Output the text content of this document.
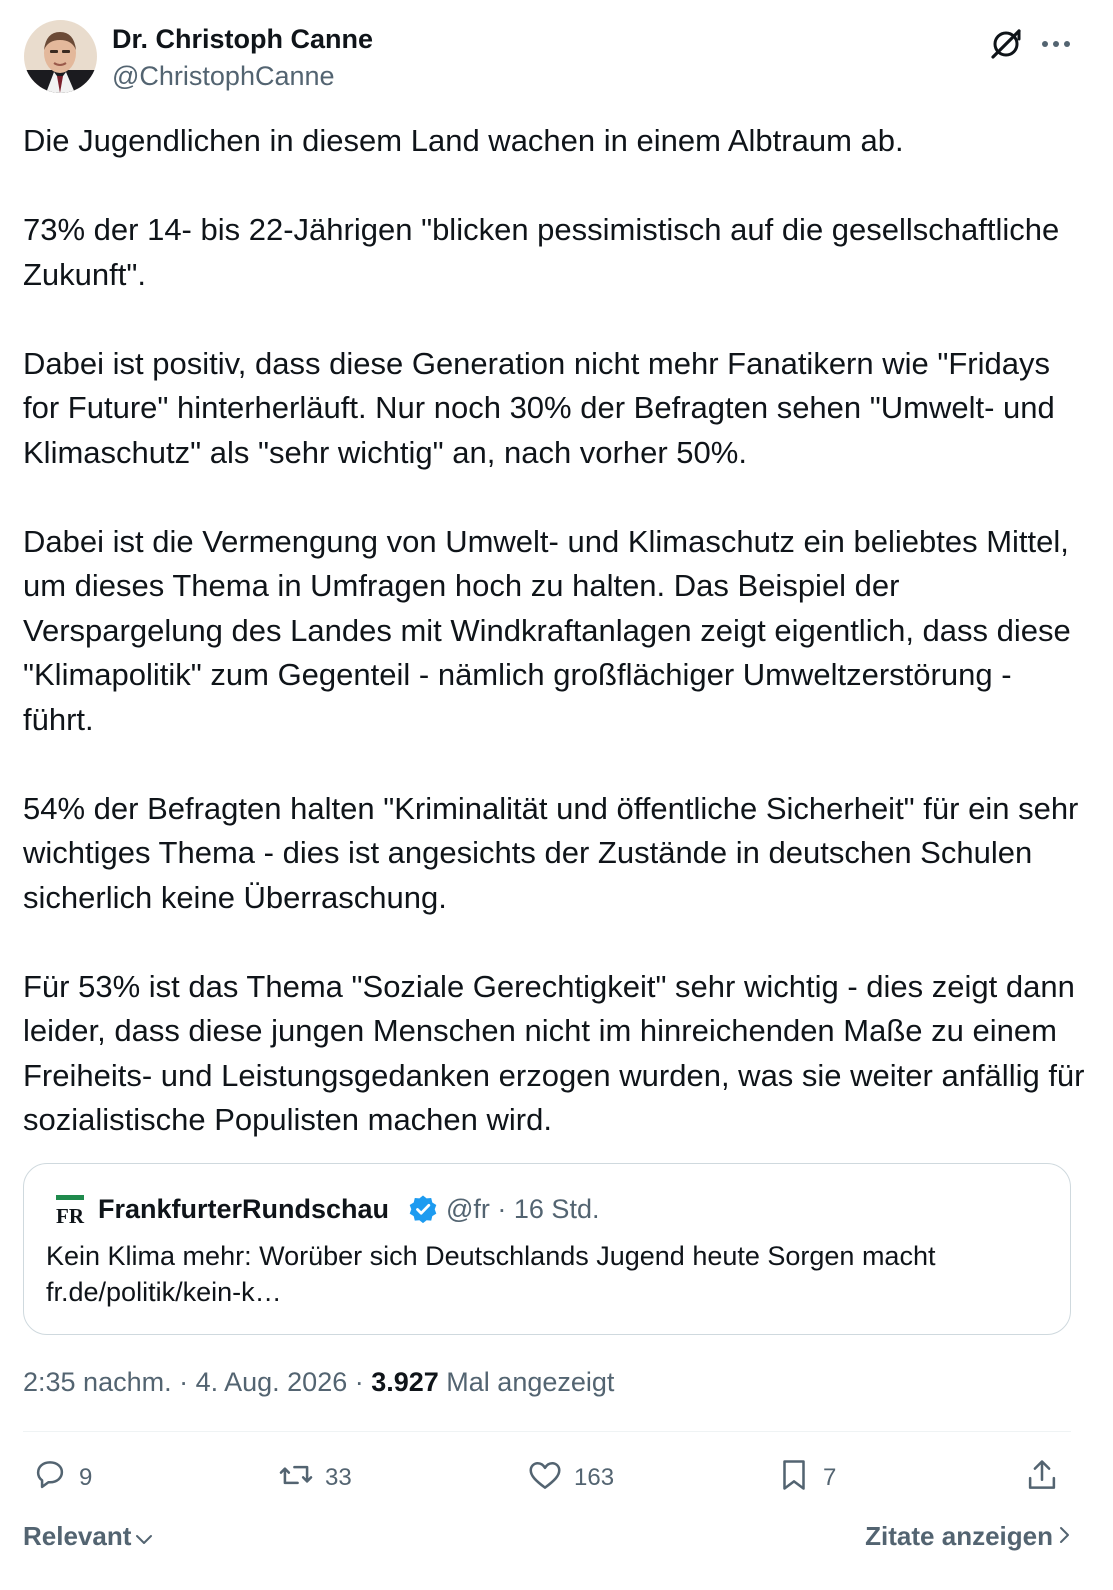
Dr. Christoph Canne
@ChristophCanne
Die Jugendlichen in diesem Land wachen in einem Albtraum ab.
73% der 14- bis 22-Jährigen "blicken pessimistisch auf die gesellschaftliche Zukunft".
Dabei ist positiv, dass diese Generation nicht mehr Fanatikern wie "Fridays for Future" hinterherläuft. Nur noch 30% der Befragten sehen "Umwelt- und Klimaschutz" als "sehr wichtig" an, nach vorher 50%.
Dabei ist die Vermengung von Umwelt- und Klimaschutz ein beliebtes Mittel, um dieses Thema in Umfragen hoch zu halten. Das Beispiel der Verspargelung des Landes mit Windkraftanlagen zeigt eigentlich, dass diese "Klimapolitik" zum Gegenteil - nämlich großflächiger Umweltzerstörung - führt.
54% der Befragten halten "Kriminalität und öffentliche Sicherheit" für ein sehr wichtiges Thema - dies ist angesichts der Zustände in deutschen Schulen sicherlich keine Überraschung.
Für 53% ist das Thema "Soziale Gerechtigkeit" sehr wichtig - dies zeigt dann leider, dass diese jungen Menschen nicht im hinreichenden Maße zu einem Freiheits- und Leistungsgedanken erzogen wurden, was sie weiter anfällig für sozialistische Populisten machen wird.
FR FrankfurterRundschau @fr · 16 Std.
Kein Klima mehr: Worüber sich Deutschlands Jugend heute Sorgen macht fr.de/politik/kein-k…
2:35 nachm. · 4. Aug. 2026 · 3.927 Mal angezeigt
9	33	163	7
Relevant	Zitate anzeigen
